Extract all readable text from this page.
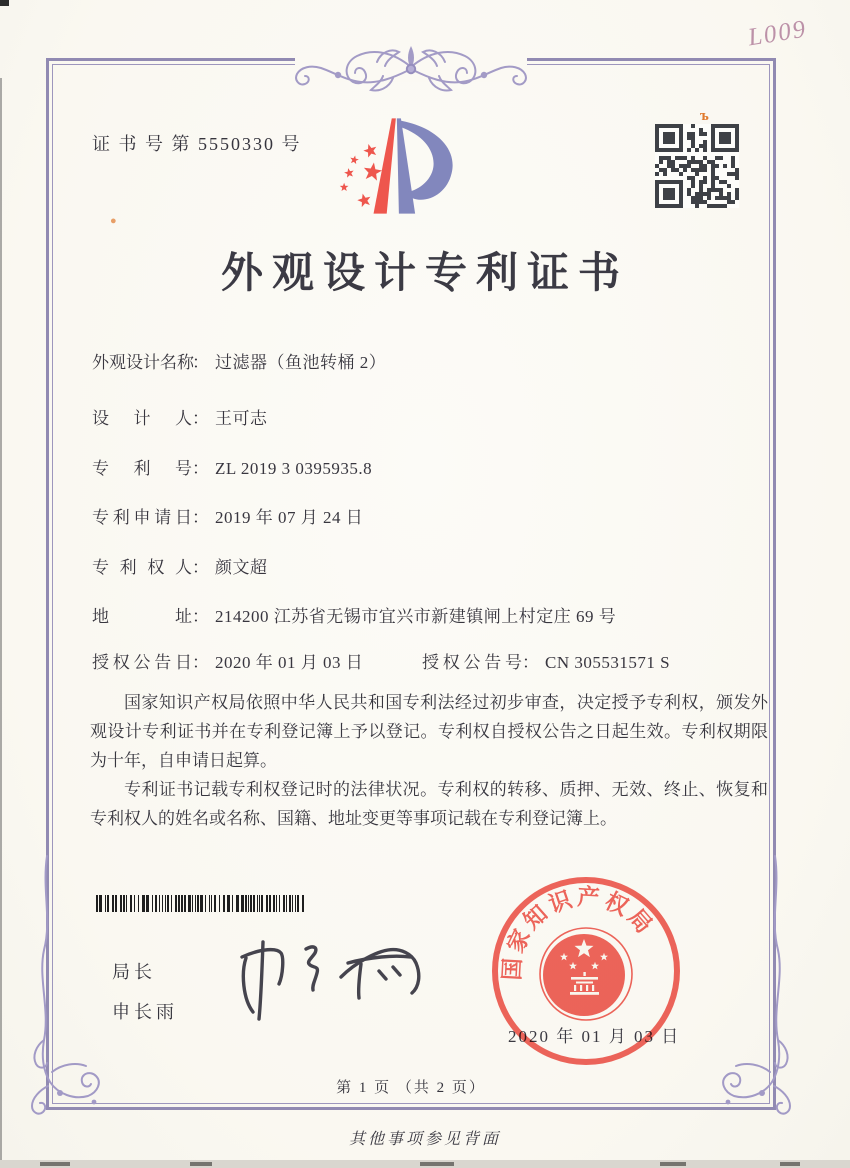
证 书 号 第 5550330 号
ъ
●
L009
外观设计专利证书
外观设计名称： 过滤器（鱼池转桶 2）
设计人： 王可志
专利号： ZL 2019 3 0395935.8
专利申请日： 2019 年 07 月 24 日
专利权人： 颜文超
地址： 214200 江苏省无锡市宜兴市新建镇闸上村定庄 69 号
授权公告日： 2020 年 01 月 03 日	授权公告号： CN 305531571 S

国家知识产权局依照中华人民共和国专利法经过初步审查，决定授予专利权，颁发外观设计专利证书并在专利登记簿上予以登记。专利权自授权公告之日起生效。专利权期限为十年，自申请日起算。

专利证书记载专利权登记时的法律状况。专利权的转移、质押、无效、终止、恢复和专利权人的姓名或名称、国籍、地址变更等事项记载在专利登记簿上。

局长
申长雨
2020 年 01 月 03 日
国家知识产权局
第 1 页 （共 2 页）
其他事项参见背面
